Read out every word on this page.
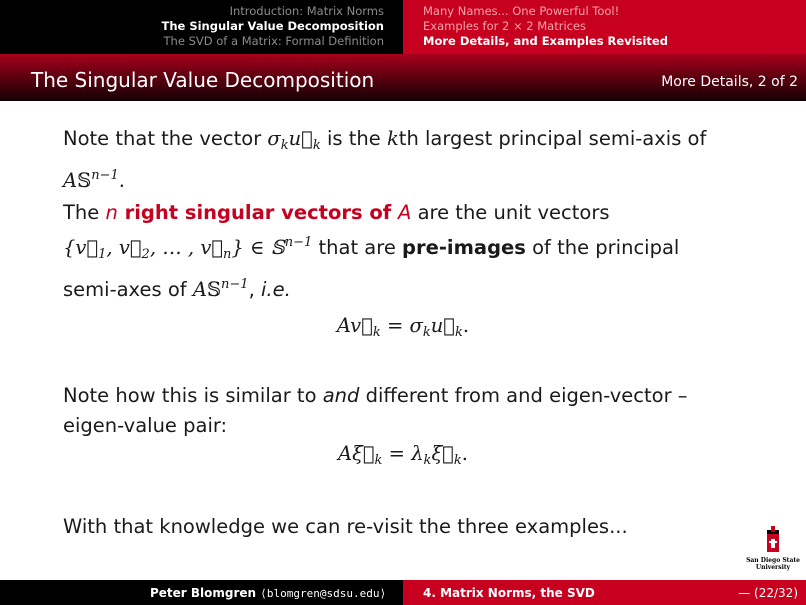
Introduction: Matrix Norms
The Singular Value Decomposition
The SVD of a Matrix: Formal Definition
Many Names... One Powerful Tool!
Examples for 2 × 2 Matrices
More Details, and Examples Revisited
The Singular Value Decomposition	More Details, 2 of 2
Note that the vector $\sigma_ku⃗_k$ is the kth largest principal semi-axis of
A𝕊$^{n-1}$.
The n right singular vectors of A are the unit vectors
{$v⃗_1$, $v⃗_2$, … , $v⃗_n$} ∈ 𝕊$^{n-1}$ that are pre-images of the principal
semi-axes of A𝕊$^{n-1}$, i.e.
$Av⃗_k$ = $\sigma_ku⃗_k$.
Note how this is similar to and different from and eigen-vector –
eigen-value pair:
$A\xi⃗_k$ = $\lambda_k\xi⃗_k$.
With that knowledge we can re-visit the three examples...
San Diego State
University
Peter Blomgren ⟨blomgren@sdsu.edu⟩	4. Matrix Norms, the SVD	— (22/32)
